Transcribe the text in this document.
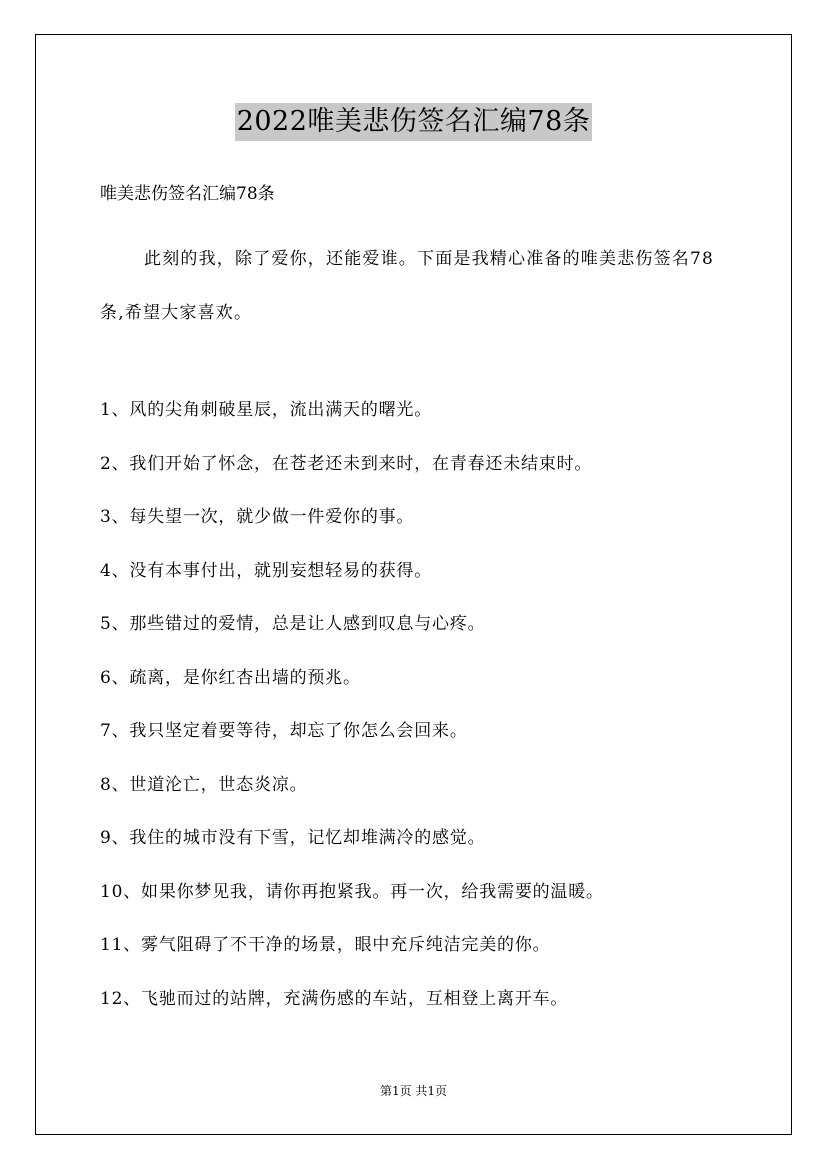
2022唯美悲伤签名汇编78条
唯美悲伤签名汇编78条

此刻的我，除了爱你，还能爱谁。下面是我精心准备的唯美悲伤签名78条,希望大家喜欢。

1、风的尖角刺破星辰，流出满天的曙光。
2、我们开始了怀念，在苍老还未到来时，在青春还未结束时。
3、每失望一次，就少做一件爱你的事。
4、没有本事付出，就别妄想轻易的获得。
5、那些错过的爱情，总是让人感到叹息与心疼。
6、疏离，是你红杏出墙的预兆。
7、我只坚定着要等待，却忘了你怎么会回来。
8、世道沦亡，世态炎凉。
9、我住的城市没有下雪，记忆却堆满冷的感觉。
10、如果你梦见我，请你再抱紧我。再一次，给我需要的温暖。
11、雾气阻碍了不干净的场景，眼中充斥纯洁完美的你。
12、飞驰而过的站牌，充满伤感的车站，互相登上离开车。
第1页 共1页
